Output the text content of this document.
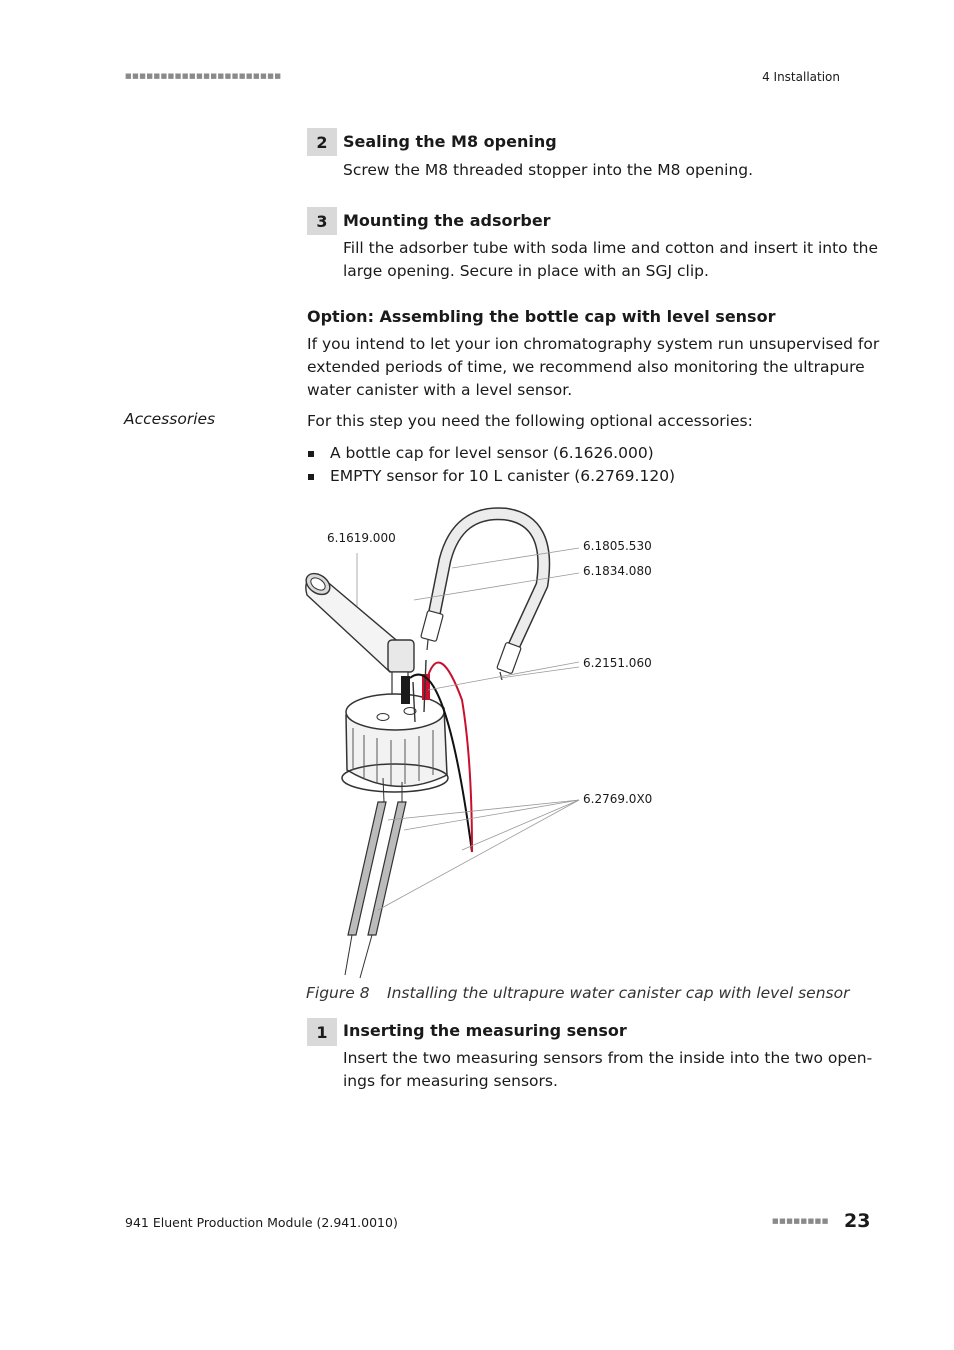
■■■■■■■■■■■■■■■■■■■■■■	4 Installation
2 Sealing the M8 opening
Screw the M8 threaded stopper into the M8 opening.
3 Mounting the adsorber
Fill the adsorber tube with soda lime and cotton and insert it into the
large opening. Secure in place with an SGJ clip.
Option: Assembling the bottle cap with level sensor
If you intend to let your ion chromatography system run unsupervised for
extended periods of time, we recommend also monitoring the ultrapure
water canister with a level sensor.
Accessories	For this step you need the following optional accessories:
A bottle cap for level sensor (6.1626.000)
EMPTY sensor for 10 L canister (6.2769.120)
6.1619.000
6.1805.530
6.1834.080
6.2151.060
6.2769.0X0
Figure 8 Installing the ultrapure water canister cap with level sensor
1 Inserting the measuring sensor
Insert the two measuring sensors from the inside into the two open-
ings for measuring sensors.
941 Eluent Production Module (2.941.0010)	■■■■■■■■ 23
